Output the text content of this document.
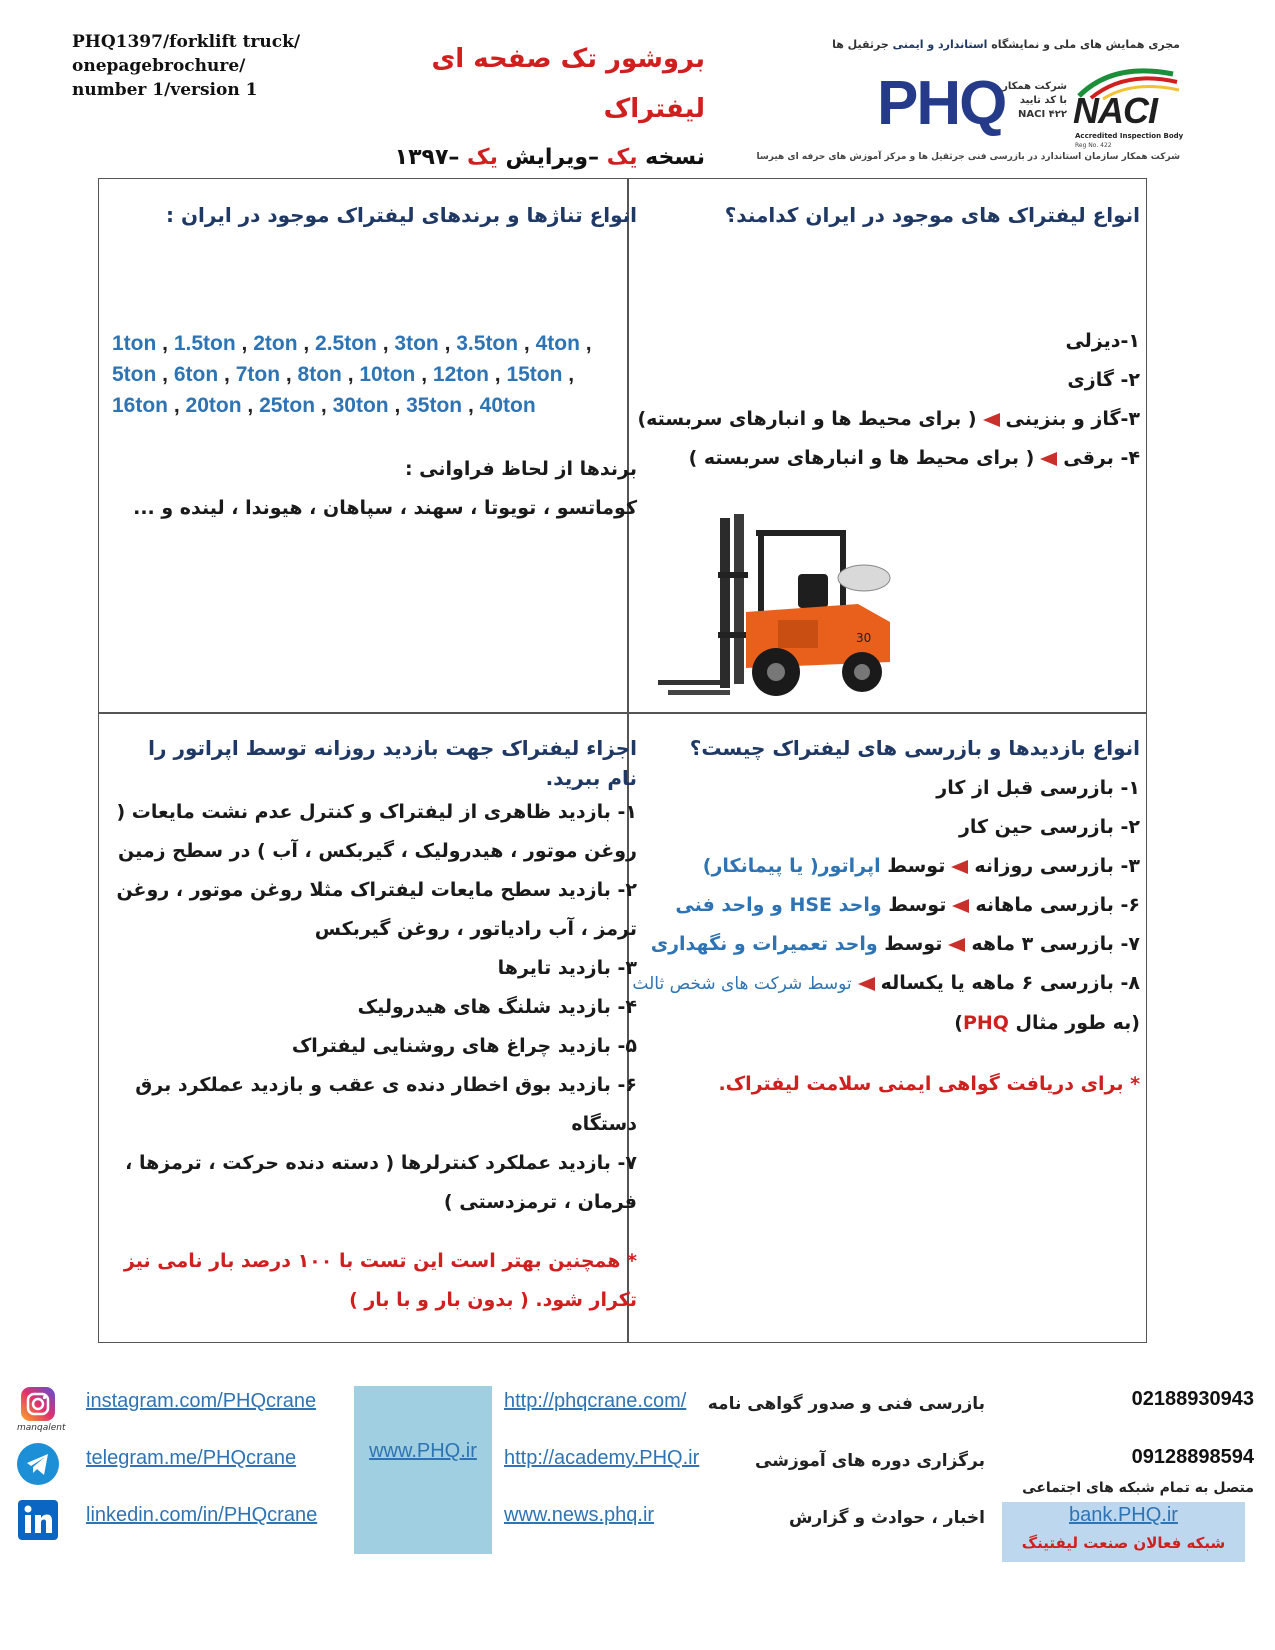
PHQ1397/forklift truck/
onepagebrochure/
number 1/version 1
بروشور تک صفحه ای
لیفتراک
نسخه یک –ویرایش یک –۱۳۹۷
مجری همایش های ملی و نمایشگاه استاندارد و ایمنی جرثقیل ها
PHQ
شرکت همکار
با کد تایید
NACI ۴۲۲ NACI
Accredited Inspection Body
Reg No. 422
شرکت همکار سازمان استاندارد در بازرسی فنی جرثقیل ها و مرکز آموزش های حرفه ای هیرسا
انواع لیفتراک های موجود در ایران کدامند؟
۱-دیزلی
۲- گازی
۳-گاز و بنزینی( برای محیط ها و انبارهای سربسته)
۴- برقی( برای محیط ها و انبارهای سربسته )
30
انواع تناژها و برندهای لیفتراک موجود در ایران :
1ton , 1.5ton , 2ton , 2.5ton , 3ton , 3.5ton , 4ton , 5ton , 6ton , 7ton , 8ton , 10ton , 12ton , 15ton , 16ton , 20ton , 25ton , 30ton , 35ton , 40ton
برندها از لحاظ فراوانی :
کوماتسو ، تویوتا ، سهند ، سپاهان ، هیوندا ، لینده و ...
انواع بازدیدها و بازرسی های لیفتراک چیست؟
۱- بازرسی قبل از کار
۲- بازرسی حین کار
۳- بازرسی روزانهتوسط اپراتور( یا پیمانکار)
۶- بازرسی ماهانهتوسط واحد HSE و واحد فنی
۷- بازرسی ۳ ماههتوسط واحد تعمیرات و نگهداری
۸- بازرسی ۶ ماهه یا یکسالهتوسط شرکت های شخص ثالث
(به طور مثال PHQ)
* برای دریافت گواهی ایمنی سلامت لیفتراک.
اجزاء لیفتراک جهت بازدید روزانه توسط اپراتور را نام ببرید.
۱- بازدید ظاهری از لیفتراک و کنترل عدم نشت مایعات ( روغن موتور ، هیدرولیک ، گیربکس ، آب ) در سطح زمین
۲- بازدید سطح مایعات لیفتراک مثلا روغن موتور ، روغن ترمز ، آب رادیاتور ، روغن گیربکس
۳- بازدید تایرها
۴- بازدید شلنگ های هیدرولیک
۵- بازدید چراغ های روشنایی لیفتراک
۶- بازدید بوق اخطار دنده ی عقب و بازدید عملکرد برق دستگاه
۷- بازدید عملکرد کنترلرها ( دسته دنده حرکت ، ترمزها ، فرمان ، ترمزدستی )
* همچنین بهتر است این تست با ۱۰۰ درصد بار نامی نیز تکرار شود. ( بدون بار و با بار )
02188930943
09128898594
متصل به تمام شبکه های اجتماعی
bank.PHQ.ir
شبکه فعالان صنعت لیفتینگ
بازرسی فنی و صدور گواهی نامه
برگزاری دوره های آموزشی
اخبار ، حوادث و گزارش
http://phqcrane.com/
http://academy.PHQ.ir
www.news.phq.ir
www.PHQ.ir
instagram.com/PHQcrane
telegram.me/PHQcrane
linkedin.com/in/PHQcrane
manqalent
